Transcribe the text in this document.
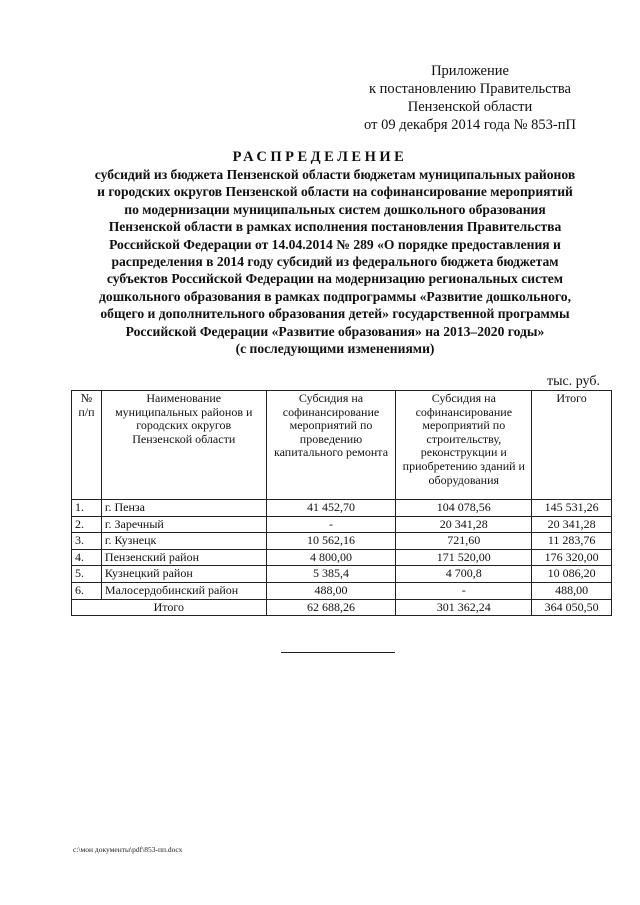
Приложение
к постановлению Правительства
Пензенской области
от 09 декабря 2014 года № 853-пП
РАСПРЕДЕЛЕНИЕ
субсидий из бюджета Пензенской области бюджетам муниципальных районов
и городских округов Пензенской области на софинансирование мероприятий
по модернизации муниципальных систем дошкольного образования
Пензенской области в рамках исполнения постановления Правительства
Российской Федерации от 14.04.2014 № 289 «О порядке предоставления и
распределения в 2014 году субсидий из федерального бюджета бюджетам
субъектов Российской Федерации на модернизацию региональных систем
дошкольного образования в рамках подпрограммы «Развитие дошкольного,
общего и дополнительного образования детей» государственной программы
Российской Федерации «Развитие образования» на 2013–2020 годы»
(с последующими изменениями)
тыс. руб.
№ п/п	Наименование муниципальных районов и городских округов Пензенской области	Субсидия на софинансирование мероприятий по проведению капитального ремонта	Субсидия на софинансирование мероприятий по строительству, реконструкции и приобретению зданий и оборудования	Итого
1.	г. Пенза	41 452,70	104 078,56	145 531,26
2.	г. Заречный	-	20 341,28	20 341,28
3.	г. Кузнецк	10 562,16	721,60	11 283,76
4.	Пензенский район	4 800,00	171 520,00	176 320,00
5.	Кузнецкий район	5 385,4	4 700,8	10 086,20
6.	Малосердобинский район	488,00	-	488,00
Итого		62 688,26	301 362,24	364 050,50
c:\мои документы\pdf\853-пп.docx
